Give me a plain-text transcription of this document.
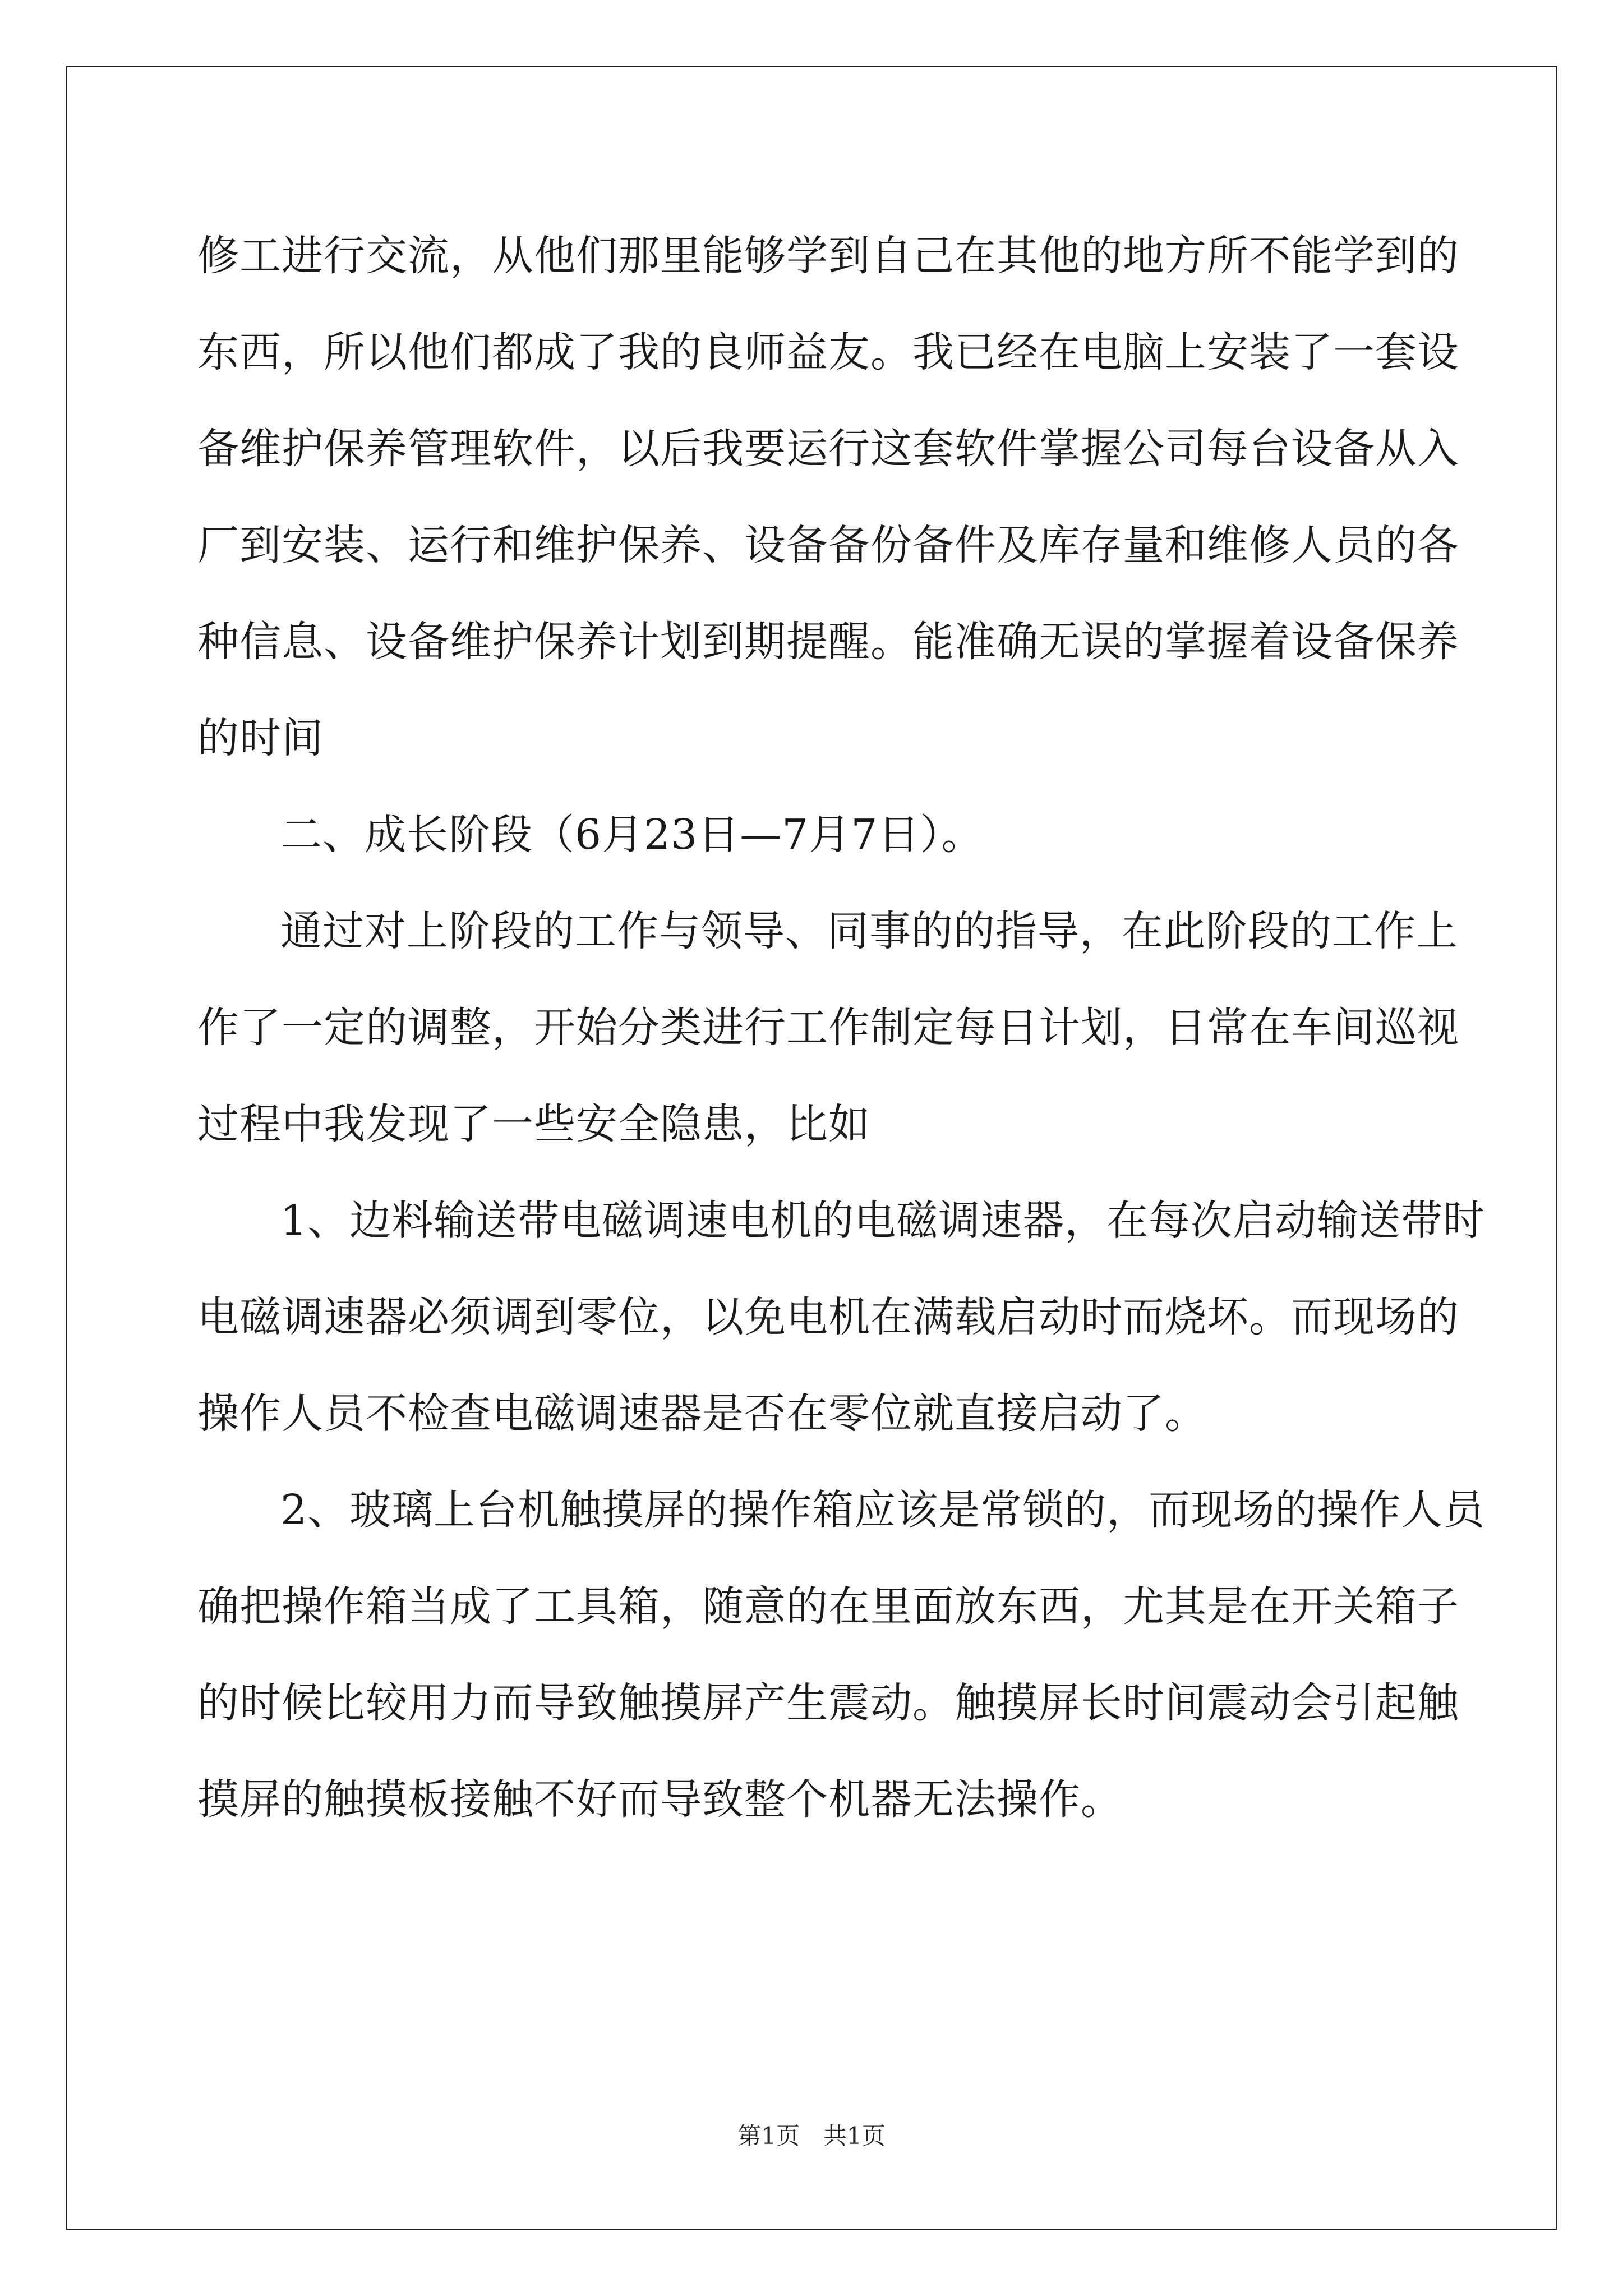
修工进行交流，从他们那里能够学到自己在其他的地方所不能学到的
东西，所以他们都成了我的良师益友。我已经在电脑上安装了一套设
备维护保养管理软件，以后我要运行这套软件掌握公司每台设备从入
厂到安装、运行和维护保养、设备备份备件及库存量和维修人员的各
种信息、设备维护保养计划到期提醒。能准确无误的掌握着设备保养
的时间
二、成长阶段（6月23日—7月7日）。
通过对上阶段的工作与领导、同事的的指导，在此阶段的工作上
作了一定的调整，开始分类进行工作制定每日计划，日常在车间巡视
过程中我发现了一些安全隐患，比如
1、边料输送带电磁调速电机的电磁调速器，在每次启动输送带时
电磁调速器必须调到零位，以免电机在满载启动时而烧坏。而现场的
操作人员不检查电磁调速器是否在零位就直接启动了。
2、玻璃上台机触摸屏的操作箱应该是常锁的，而现场的操作人员
确把操作箱当成了工具箱，随意的在里面放东西，尤其是在开关箱子
的时候比较用力而导致触摸屏产生震动。触摸屏长时间震动会引起触
摸屏的触摸板接触不好而导致整个机器无法操作。
第1页 共1页
